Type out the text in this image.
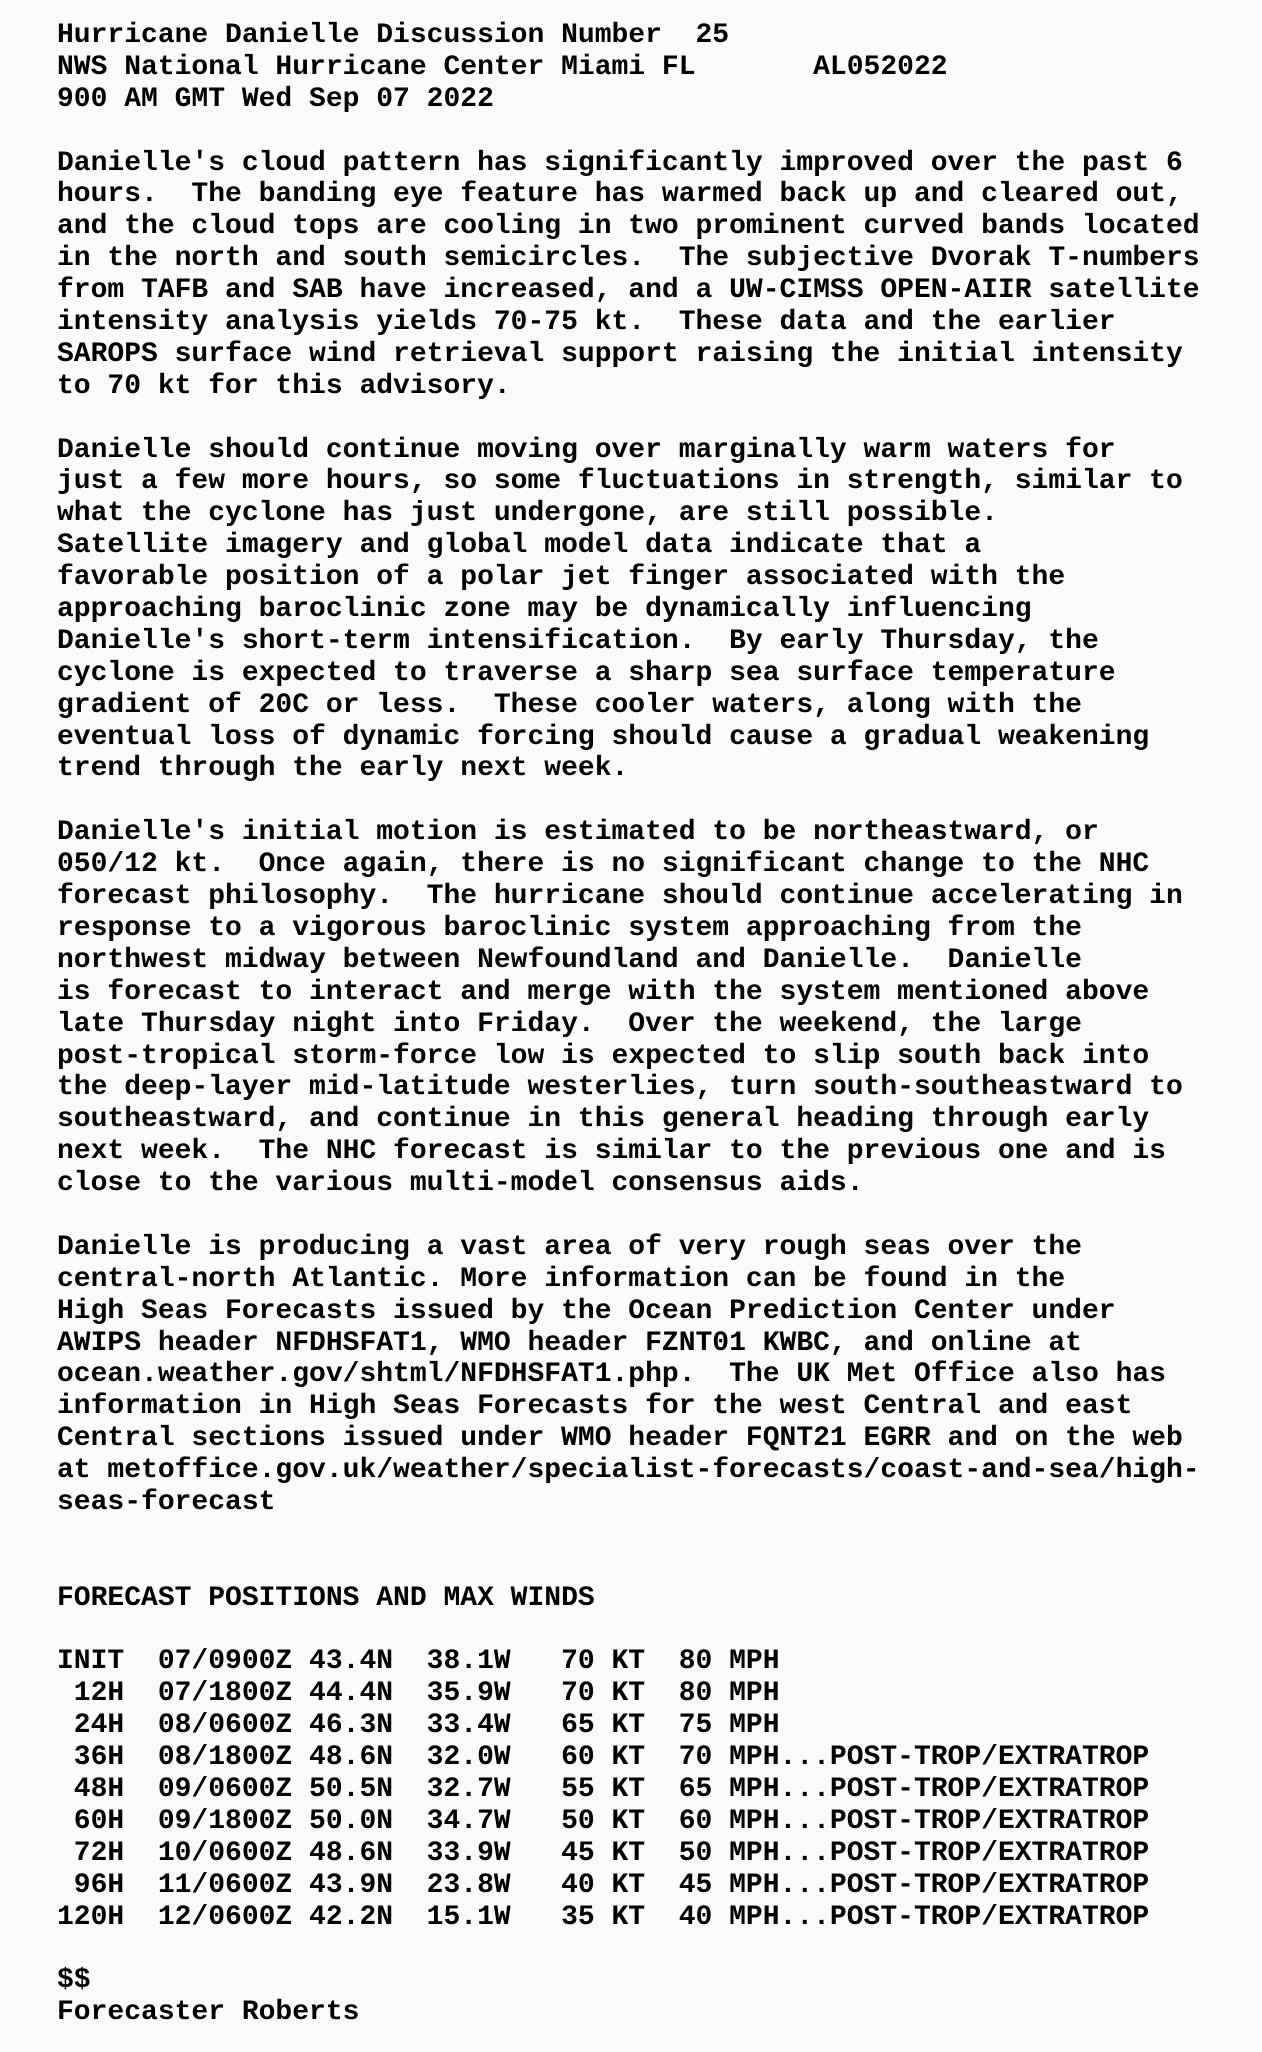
Hurricane Danielle Discussion Number  25
NWS National Hurricane Center Miami FL       AL052022
900 AM GMT Wed Sep 07 2022
Danielle's cloud pattern has significantly improved over the past 6
hours.  The banding eye feature has warmed back up and cleared out,
and the cloud tops are cooling in two prominent curved bands located
in the north and south semicircles.  The subjective Dvorak T-numbers
from TAFB and SAB have increased, and a UW-CIMSS OPEN-AIIR satellite
intensity analysis yields 70-75 kt.  These data and the earlier
SAROPS surface wind retrieval support raising the initial intensity
to 70 kt for this advisory.
Danielle should continue moving over marginally warm waters for
just a few more hours, so some fluctuations in strength, similar to
what the cyclone has just undergone, are still possible.
Satellite imagery and global model data indicate that a
favorable position of a polar jet finger associated with the
approaching baroclinic zone may be dynamically influencing
Danielle's short-term intensification.  By early Thursday, the
cyclone is expected to traverse a sharp sea surface temperature
gradient of 20C or less.  These cooler waters, along with the
eventual loss of dynamic forcing should cause a gradual weakening
trend through the early next week.
Danielle's initial motion is estimated to be northeastward, or
050/12 kt.  Once again, there is no significant change to the NHC
forecast philosophy.  The hurricane should continue accelerating in
response to a vigorous baroclinic system approaching from the
northwest midway between Newfoundland and Danielle.  Danielle
is forecast to interact and merge with the system mentioned above
late Thursday night into Friday.  Over the weekend, the large
post-tropical storm-force low is expected to slip south back into
the deep-layer mid-latitude westerlies, turn south-southeastward to
southeastward, and continue in this general heading through early
next week.  The NHC forecast is similar to the previous one and is
close to the various multi-model consensus aids.
Danielle is producing a vast area of very rough seas over the
central-north Atlantic. More information can be found in the
High Seas Forecasts issued by the Ocean Prediction Center under
AWIPS header NFDHSFAT1, WMO header FZNT01 KWBC, and online at
ocean.weather.gov/shtml/NFDHSFAT1.php.  The UK Met Office also has
information in High Seas Forecasts for the west Central and east
Central sections issued under WMO header FQNT21 EGRR and on the web
at metoffice.gov.uk/weather/specialist-forecasts/coast-and-sea/high-
seas-forecast
FORECAST POSITIONS AND MAX WINDS
INIT  07/0900Z 43.4N  38.1W   70 KT  80 MPH
12H  07/1800Z 44.4N  35.9W   70 KT  80 MPH
24H  08/0600Z 46.3N  33.4W   65 KT  75 MPH
36H  08/1800Z 48.6N  32.0W   60 KT  70 MPH...POST-TROP/EXTRATROP
48H  09/0600Z 50.5N  32.7W   55 KT  65 MPH...POST-TROP/EXTRATROP
60H  09/1800Z 50.0N  34.7W   50 KT  60 MPH...POST-TROP/EXTRATROP
72H  10/0600Z 48.6N  33.9W   45 KT  50 MPH...POST-TROP/EXTRATROP
96H  11/0600Z 43.9N  23.8W   40 KT  45 MPH...POST-TROP/EXTRATROP
120H  12/0600Z 42.2N  15.1W   35 KT  40 MPH...POST-TROP/EXTRATROP
$$
Forecaster Roberts
